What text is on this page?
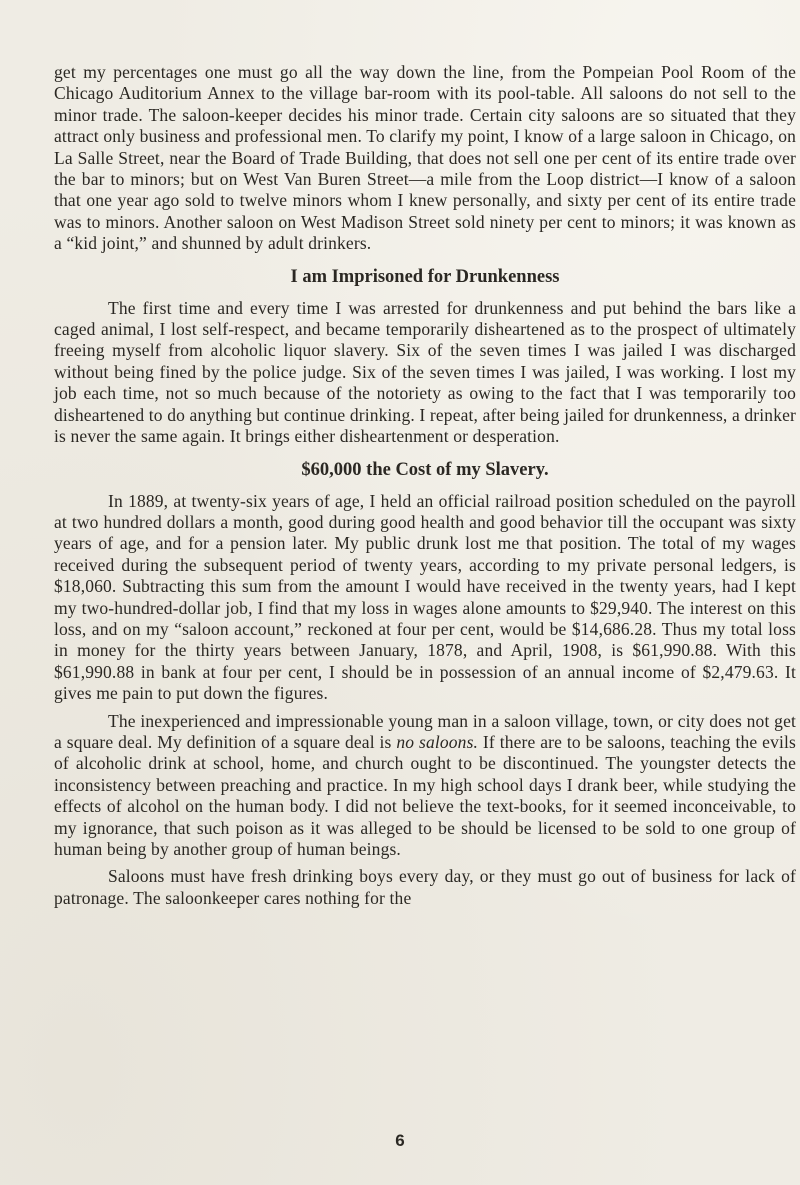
get my percentages one must go all the way down the line, from the Pompeian Pool Room of the Chicago Auditorium Annex to the village bar-room with its pool-table. All saloons do not sell to the minor trade. The saloon-keeper decides his minor trade. Certain city saloons are so situated that they attract only business and professional men. To clarify my point, I know of a large saloon in Chicago, on La Salle Street, near the Board of Trade Building, that does not sell one per cent of its entire trade over the bar to minors; but on West Van Buren Street—a mile from the Loop district—I know of a saloon that one year ago sold to twelve minors whom I knew personally, and sixty per cent of its entire trade was to minors. Another saloon on West Madison Street sold ninety per cent to minors; it was known as a “kid joint,” and shunned by adult drinkers.

I am Imprisoned for Drunkenness

The first time and every time I was arrested for drunkenness and put behind the bars like a caged animal, I lost self-respect, and became temporarily disheartened as to the prospect of ultimately freeing myself from alcoholic liquor slavery. Six of the seven times I was jailed I was discharged without being fined by the police judge. Six of the seven times I was jailed, I was working. I lost my job each time, not so much because of the notoriety as owing to the fact that I was temporarily too disheartened to do anything but continue drinking. I repeat, after being jailed for drunkenness, a drinker is never the same again. It brings either disheartenment or desperation.

$60,000 the Cost of my Slavery.

In 1889, at twenty-six years of age, I held an official railroad position scheduled on the payroll at two hundred dollars a month, good during good health and good behavior till the occupant was sixty years of age, and for a pension later. My public drunk lost me that position. The total of my wages received during the subsequent period of twenty years, according to my private personal ledgers, is $18,060. Subtracting this sum from the amount I would have received in the twenty years, had I kept my two-hundred-dollar job, I find that my loss in wages alone amounts to $29,940. The interest on this loss, and on my “saloon account,” reckoned at four per cent, would be $14,686.28. Thus my total loss in money for the thirty years between January, 1878, and April, 1908, is $61,990.88. With this $61,990.88 in bank at four per cent, I should be in possession of an annual income of $2,479.63. It gives me pain to put down the figures.

The inexperienced and impressionable young man in a saloon village, town, or city does not get a square deal. My definition of a square deal is no saloons. If there are to be saloons, teaching the evils of alcoholic drink at school, home, and church ought to be discontinued. The youngster detects the inconsistency between preaching and practice. In my high school days I drank beer, while studying the effects of alcohol on the human body. I did not believe the text-books, for it seemed inconceivable, to my ignorance, that such poison as it was alleged to be should be licensed to be sold to one group of human being by another group of human beings.

Saloons must have fresh drinking boys every day, or they must go out of business for lack of patronage. The saloonkeeper cares nothing for the

6
